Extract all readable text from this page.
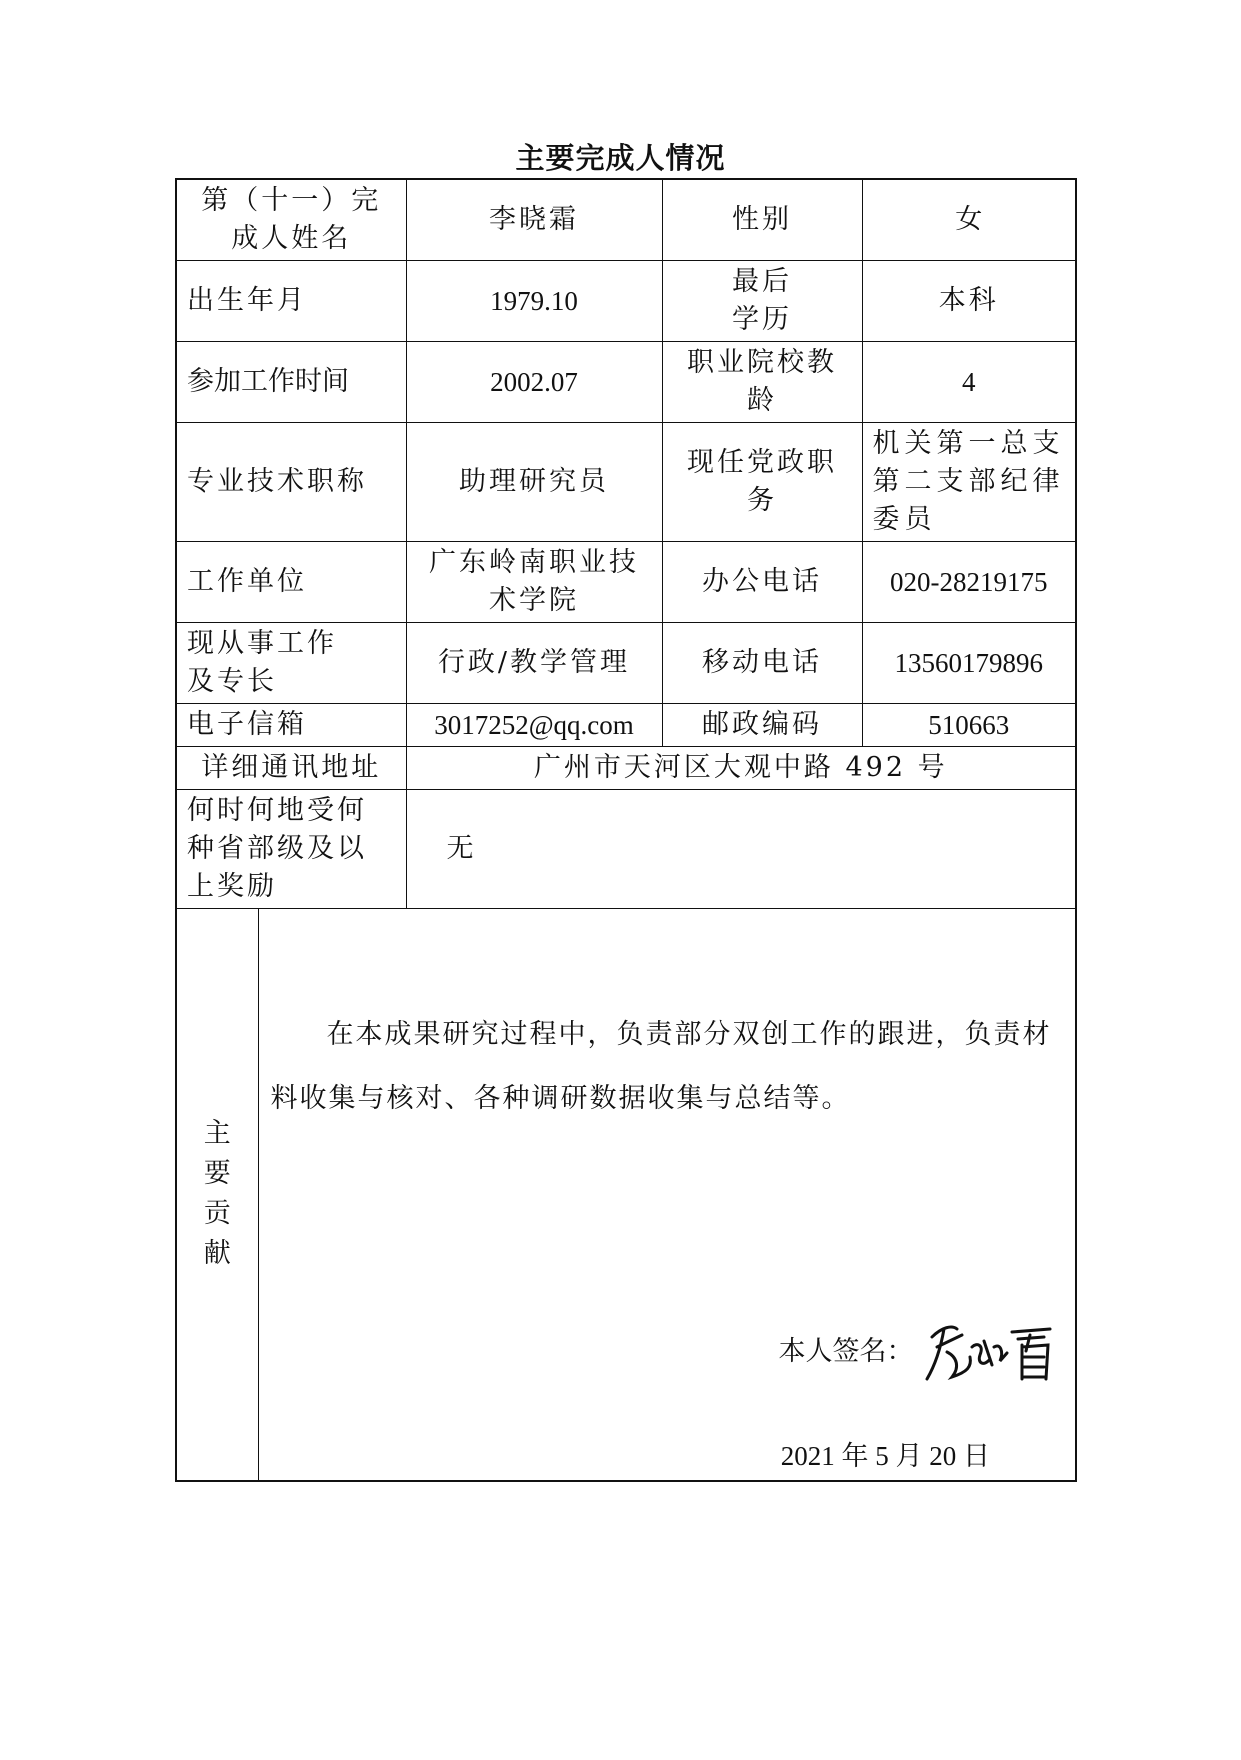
主要完成人情况
第（十一）完成人姓名		李晓霜	性别	女
出生年月		1979.10	最后学历	本科
参加工作时间		2002.07	职业院校教龄	4
专业技术职称		助理研究员	现任党政职务	机关第一总支第二支部纪律委员
工作单位		广东岭南职业技术学院	办公电话	020-28219175
现从事工作及专长		行政/教学管理	移动电话	13560179896
电子信箱		3017252@qq.com	邮政编码	510663
详细通讯地址		广州市天河区大观中路 492 号		
何时何地受何种省部级及以上奖励		无		
主要贡献	在本成果研究过程中，负责部分双创工作的跟进，负责材料收集与核对、各种调研数据收集与总结等。
本人签名：
2021 年 5 月 20 日			
